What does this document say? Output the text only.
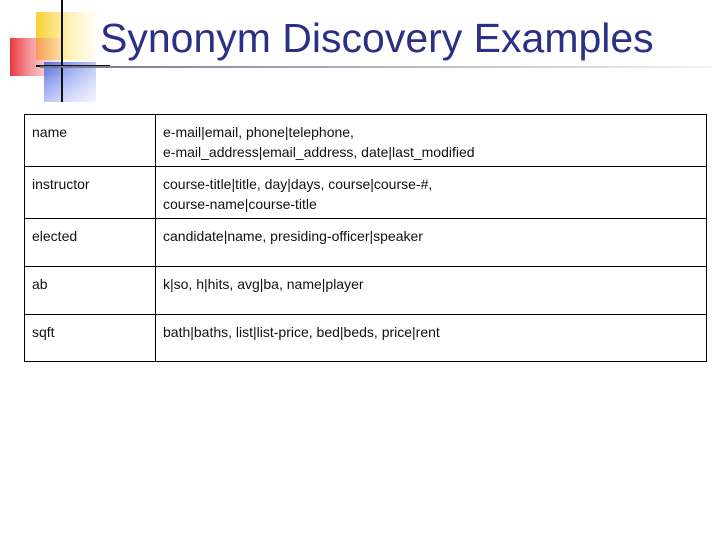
Synonym Discovery Examples
name	e-mail|email, phone|telephone,
e-mail_address|email_address, date|last_modified
instructor	course-title|title, day|days, course|course-#,
course-name|course-title
elected	candidate|name, presiding-officer|speaker
ab	k|so, h|hits, avg|ba, name|player
sqft	bath|baths, list|list-price, bed|beds, price|rent
